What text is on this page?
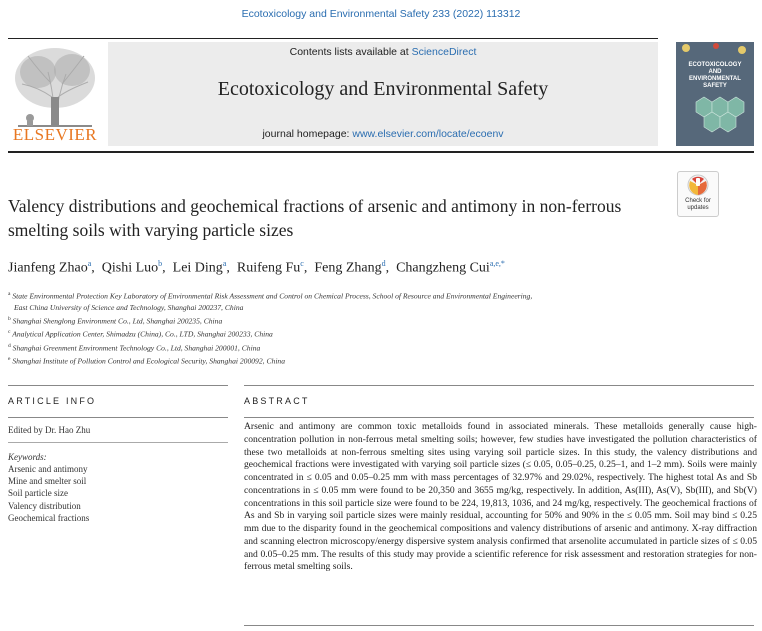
Ecotoxicology and Environmental Safety 233 (2022) 113312
ELSEVIER
Contents lists available at ScienceDirect
Ecotoxicology and Environmental Safety
journal homepage: www.elsevier.com/locate/ecoenv
ECOTOXICOLOGY
AND
ENVIRONMENTAL
SAFETY
Check for
updates
Valency distributions and geochemical fractions of arsenic and antimony in non-ferrous smelting soils with varying particle sizes
Jianfeng Zhao$^a$,  Qishi Luo$^b$,  Lei Ding$^a$,  Ruifeng Fu$^c$,  Feng Zhang$^d$,  Changzheng Cui$^{a,e,*}$
$^a$ State Environmental Protection Key Laboratory of Environmental Risk Assessment and Control on Chemical Process, School of Resource and Environmental Engineering,
East China University of Science and Technology, Shanghai 200237, China
$^b$ Shanghai Shenglong Environment Co., Ltd, Shanghai 200235, China
$^c$ Analytical Application Center, Shimadzu (China), Co., LTD, Shanghai 200233, China
$^d$ Shanghai Greenment Environment Technology Co., Ltd, Shanghai 200001, China
$^e$ Shanghai Institute of Pollution Control and Ecological Security, Shanghai 200092, China
ARTICLE INFO	ABSTRACT
Edited by Dr. Hao Zhu
Keywords:
Arsenic and antimony
Mine and smelter soil
Soil particle size
Valency distribution
Geochemical fractions
Arsenic and antimony are common toxic metalloids found in associated minerals. These metalloids generally cause high-concentration pollution in non-ferrous metal smelting soils; however, few studies have investigated the pollution characteristics of these two metalloids at non-ferrous smelting sites using varying soil particle sizes. In this study, the valency distributions and geochemical fractions were investigated with varying soil particle sizes (≤ 0.05, 0.05–0.25, 0.25–1, and 1–2 mm). Soils were mainly concentrated in ≤ 0.05 and 0.05–0.25 mm with mass percentages of 32.97% and 29.02%, respectively. The highest total As and Sb concentrations in ≤ 0.05 mm were found to be 20,350 and 3655 mg/kg, respectively. In addition, As(III), As(V), Sb(III), and Sb(V) concentrations in this soil particle size were found to be 224, 19,813, 1036, and 24 mg/kg, respectively. The geochemical fractions of As and Sb in varying soil particle sizes were mainly residual, accounting for 50% and 90% in the ≤ 0.05 mm. Soil may bind ≤ 0.25 mm due to the disparity found in the geochemical compositions and valency distributions of arsenic and antimony. X-ray diffraction and scanning electron microscopy/energy dispersive system analysis confirmed that arsenolite accumulated in particle sizes of ≤ 0.05 and 0.05–0.25 mm. The results of this study may provide a scientific reference for risk assessment and restoration strategies for non-ferrous metal smelting soils.
